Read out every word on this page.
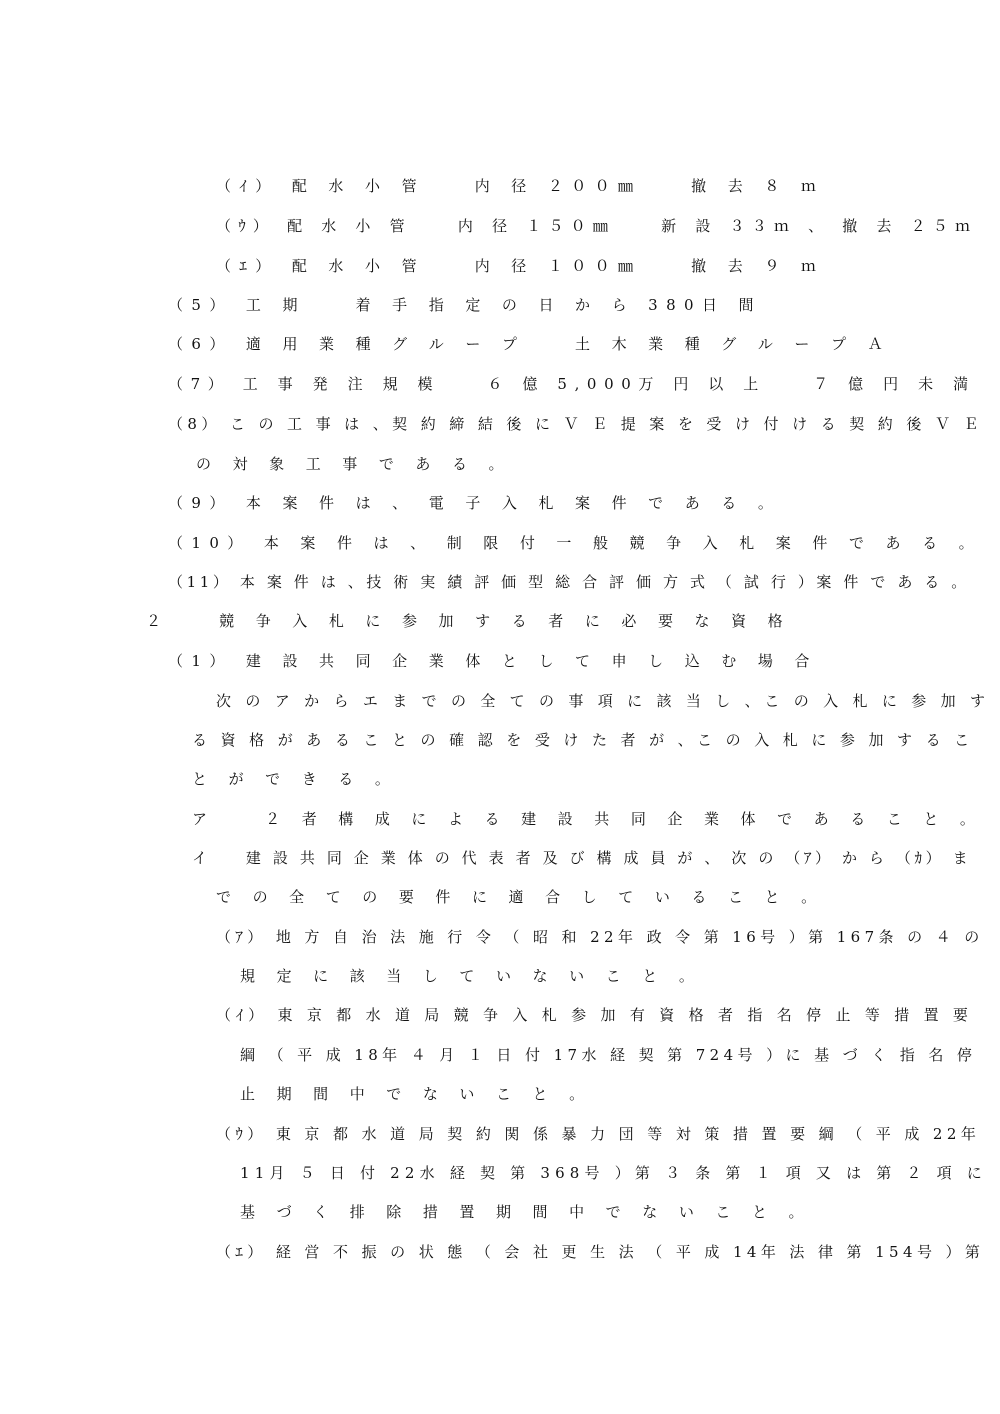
（ｲ） 配 水 小 管 　 内 径 ２００㎜ 　 撤 去 ８ ｍ
（ｳ） 配 水 小 管 　 内 径 １５０㎜ 　 新 設 ３３ｍ 、 撤 去 ２５ｍ
（ｴ） 配 水 小 管 　 内 径 １００㎜ 　 撤 去 ９ ｍ
（5） 工 期 　 着 手 指 定 の 日 か ら 380日 間
（6） 適 用 業 種 グ ル ー プ 　 土 木 業 種 グ ル ー プ Ａ
（7） 工 事 発 注 規 模 　 ６ 億 5,000万 円 以 上 　 ７ 億 円 未 満
（8） こ の 工 事 は 、契 約 締 結 後 に Ｖ Ｅ 提 案 を 受 け 付 け る 契 約 後 Ｖ Ｅ
の 対 象 工 事 で あ る 。
（9） 本 案 件 は 、 電 子 入 札 案 件 で あ る 。
（10） 本 案 件 は 、 制 限 付 一 般 競 争 入 札 案 件 で あ る 。
（11） 本 案 件 は 、技 術 実 績 評 価 型 総 合 評 価 方 式 （ 試 行 ）案 件 で あ る 。
２ 　 競 争 入 札 に 参 加 す る 者 に 必 要 な 資 格
（1） 建 設 共 同 企 業 体 と し て 申 し 込 む 場 合
次 の ア か ら エ ま で の 全 て の 事 項 に 該 当 し 、こ の 入 札 に 参 加 す
る 資 格 が あ る こ と の 確 認 を 受 け た 者 が 、こ の 入 札 に 参 加 す る こ
と が で き る 。
ア 　 ２ 者 構 成 に よ る 建 設 共 同 企 業 体 で あ る こ と 。
イ 　 建 設 共 同 企 業 体 の 代 表 者 及 び 構 成 員 が 、 次 の （ｱ） か ら （ｶ） ま
で の 全 て の 要 件 に 適 合 し て い る こ と 。
（ｱ） 地 方 自 治 法 施 行 令 （ 昭 和 22年 政 令 第 16号 ）第 167条 の ４ の
規 定 に 該 当 し て い な い こ と 。
（ｲ） 東 京 都 水 道 局 競 争 入 札 参 加 有 資 格 者 指 名 停 止 等 措 置 要
綱 （ 平 成 18年 ４ 月 １ 日 付 17水 経 契 第 724号 ）に 基 づ く 指 名 停
止 期 間 中 で な い こ と 。
（ｳ） 東 京 都 水 道 局 契 約 関 係 暴 力 団 等 対 策 措 置 要 綱 （ 平 成 22年
11月 ５ 日 付 22水 経 契 第 368号 ）第 ３ 条 第 １ 項 又 は 第 ２ 項 に
基 づ く 排 除 措 置 期 間 中 で な い こ と 。
（ｴ） 経 営 不 振 の 状 態 （ 会 社 更 生 法 （ 平 成 14年 法 律 第 154号 ）第
